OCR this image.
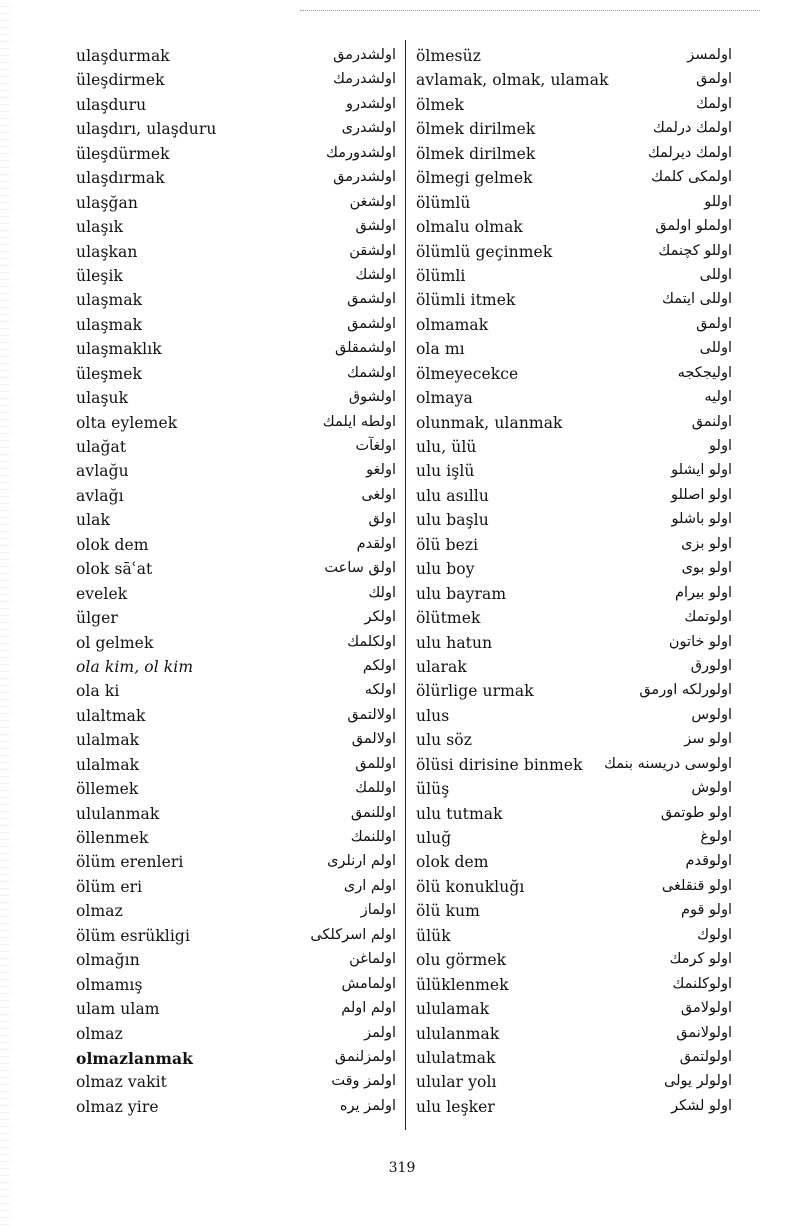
ulaşdurmak	اولشدرمق
üleşdirmek	اولشدرمك
ulaşduru	اولشدرو
ulaşdırı, ulaşduru	اولشدری
üleşdürmek	اولشدورمك
ulaşdırmak	اولشدرمق
ulaşğan	اولشغن
ulaşık	اولشق
ulaşkan	اولشقن
üleşik	اولشك
ulaşmak	اولشمق
ulaşmak	اولشمق
ulaşmaklık	اولشمقلق
üleşmek	اولشمك
ulaşuk	اولشوق
olta eylemek	اولطه ايلمك
ulağat	اولغآت
avlağu	اولغو
avlağı	اولغی
ulak	اولق
olok dem	اولقدم
olok sāʿat	اولق ساعت
evelek	اولك
ülger	اولكر
ol gelmek	اولكلمك
ola kim, ol kim	اولكم
ola ki	اولكه
ulaltmak	اولالتمق
ulalmak	اولالمق
ulalmak	اوللمق
öllemek	اوللمك
ululanmak	اوللنمق
öllenmek	اوللنمك
ölüm erenleri	اولم ارنلری
ölüm eri	اولم اری
olmaz	اولماز
ölüm esrükligi	اولم اسركلكی
olmağın	اولماغن
olmamış	اولمامش
ulam ulam	اولم اولم
olmaz	اولمز
olmazlanmak	اولمزلنمق
olmaz vakit	اولمز وقت
olmaz yire	اولمز يره
ölmesüz	اولمسز
avlamak, olmak, ulamak	اولمق
ölmek	اولمك
ölmek dirilmek	اولمك درلمك
ölmek dirilmek	اولمك ديرلمك
ölmegi gelmek	اولمكی كلمك
ölümlü	اوللو
olmalu olmak	اولملو اولمق
ölümlü geçinmek	اوللو كچنمك
ölümli	اوللی
ölümli itmek	اوللی ايتمك
olmamak	اولمق
ola mı	اوللی
ölmeyecekce	اوليجكجه
olmaya	اوليه
olunmak, ulanmak	اولنمق
ulu, ülü	اولو
ulu işlü	اولو ايشلو
ulu asıllu	اولو اصللو
ulu başlu	اولو باشلو
ölü bezi	اولو بزی
ulu boy	اولو بوی
ulu bayram	اولو بيرام
ölütmek	اولوتمك
ulu hatun	اولو خاتون
ularak	اولورق
ölürlige urmak	اولورلكه اورمق
ulus	اولوس
ulu söz	اولو سز
ölüsi dirisine binmek اولوسی دريسنه بنمك
ülüş	اولوش
ulu tutmak	اولو طوتمق
uluğ	اولوغ
olok dem	اولوقدم
ölü konukluğı	اولو قنقلغی
ölü kum	اولو قوم
ülük	اولوك
olu görmek	اولو كرمك
ülüklenmek	اولوكلنمك
ululamak	اولولامق
ululanmak	اولولانمق
ululatmak	اولولتمق
ulular yolı	اولولر يولی
ulu leşker	اولو لشكر
319
